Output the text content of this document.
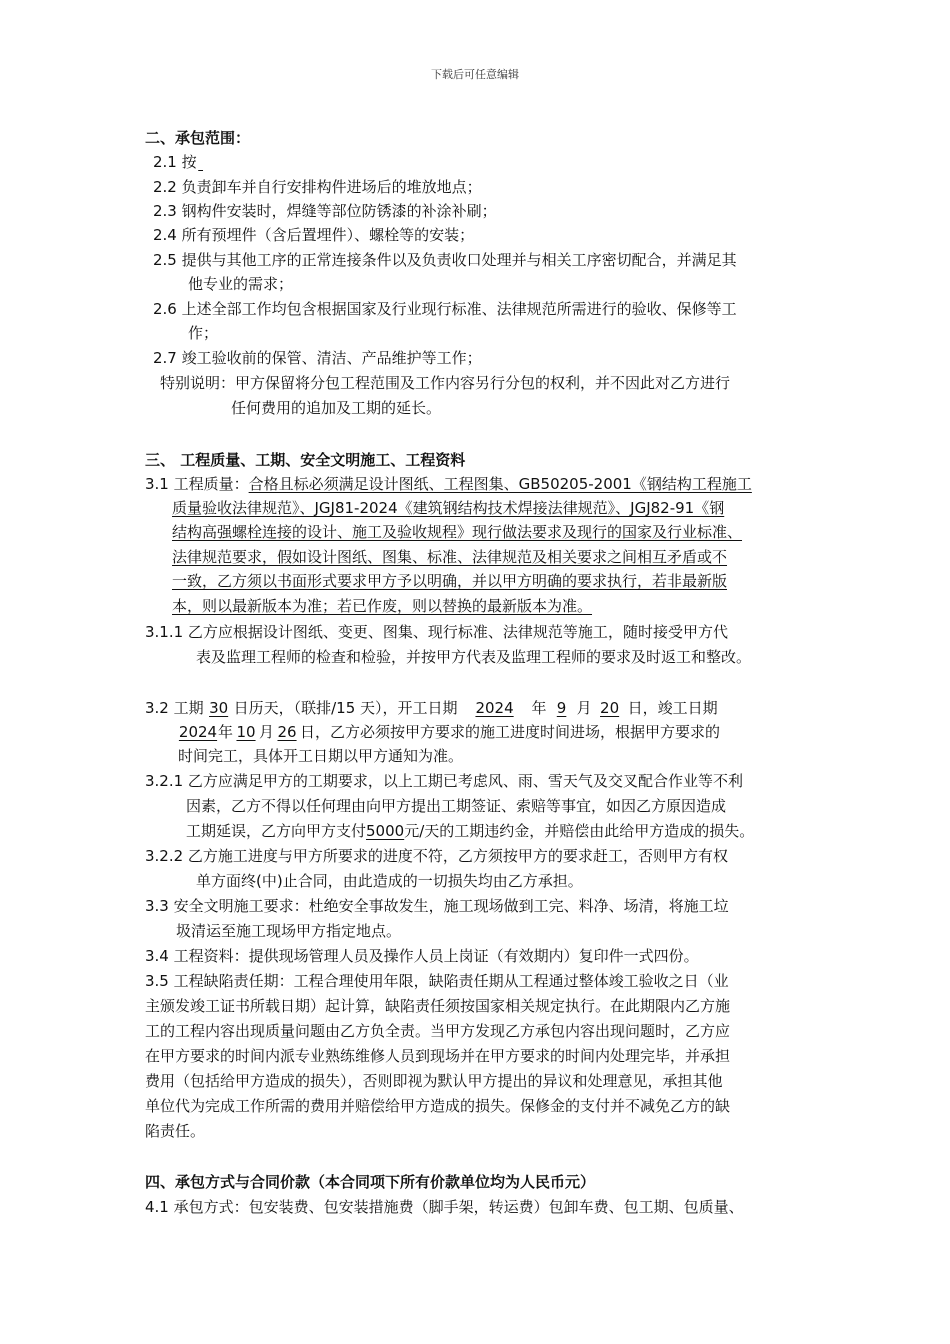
下载后可任意编辑
二、承包范围：
2.1 按
2.2 负责卸车并自行安排构件进场后的堆放地点；
2.3 钢构件安装时，焊缝等部位防锈漆的补涂补刷；
2.4 所有预埋件（含后置埋件）、螺栓等的安装；
2.5 提供与其他工序的正常连接条件以及负责收口处理并与相关工序密切配合，并满足其
他专业的需求；
2.6 上述全部工作均包含根据国家及行业现行标准、法律规范所需进行的验收、保修等工
作；
2.7 竣工验收前的保管、清洁、产品维护等工作；
特别说明：甲方保留将分包工程范围及工作内容另行分包的权利，并不因此对乙方进行
任何费用的追加及工期的延长。
三、 工程质量、工期、安全文明施工、工程资料
3.1 工程质量：合格且标必须满足设计图纸、工程图集、GB50205-2001《钢结构工程施工
质量验收法律规范》、JGJ81-2024《建筑钢结构技术焊接法律规范》、JGJ82-91《钢
结构高强螺栓连接的设计、施工及验收规程》现行做法要求及现行的国家及行业标准、
法律规范要求，假如设计图纸、图集、标准、法律规范及相关要求之间相互矛盾或不
一致，乙方须以书面形式要求甲方予以明确，并以甲方明确的要求执行，若非最新版
本，则以最新版本为准；若已作废，则以替换的最新版本为准。
3.1.1 乙方应根据设计图纸、变更、图集、现行标准、法律规范等施工，随时接受甲方代
表及监理工程师的检查和检验，并按甲方代表及监理工程师的要求及时返工和整改。
3.2 工期 30 日历天，（联排/15 天），开工日期 2024 年 9 月 20 日，竣工日期
2024年 10 月 26 日，乙方必须按甲方要求的施工进度时间进场，根据甲方要求的
时间完工，具体开工日期以甲方通知为准。
3.2.1 乙方应满足甲方的工期要求，以上工期已考虑风、雨、雪天气及交叉配合作业等不利
因素，乙方不得以任何理由向甲方提出工期签证、索赔等事宜，如因乙方原因造成
工期延误，乙方向甲方支付5000元/天的工期违约金，并赔偿由此给甲方造成的损失。
3.2.2 乙方施工进度与甲方所要求的进度不符，乙方须按甲方的要求赶工，否则甲方有权
单方面终(中)止合同，由此造成的一切损失均由乙方承担。
3.3 安全文明施工要求：杜绝安全事故发生，施工现场做到工完、料净、场清，将施工垃
圾清运至施工现场甲方指定地点。
3.4 工程资料：提供现场管理人员及操作人员上岗证（有效期内）复印件一式四份。
3.5 工程缺陷责任期：工程合理使用年限，缺陷责任期从工程通过整体竣工验收之日（业
主颁发竣工证书所载日期）起计算，缺陷责任须按国家相关规定执行。在此期限内乙方施
工的工程内容出现质量问题由乙方负全责。当甲方发现乙方承包内容出现问题时，乙方应
在甲方要求的时间内派专业熟练维修人员到现场并在甲方要求的时间内处理完毕，并承担
费用（包括给甲方造成的损失），否则即视为默认甲方提出的异议和处理意见，承担其他
单位代为完成工作所需的费用并赔偿给甲方造成的损失。保修金的支付并不减免乙方的缺
陷责任。
四、承包方式与合同价款（本合同项下所有价款单位均为人民币元）
4.1 承包方式：包安装费、包安装措施费（脚手架，转运费）包卸车费、包工期、包质量、
